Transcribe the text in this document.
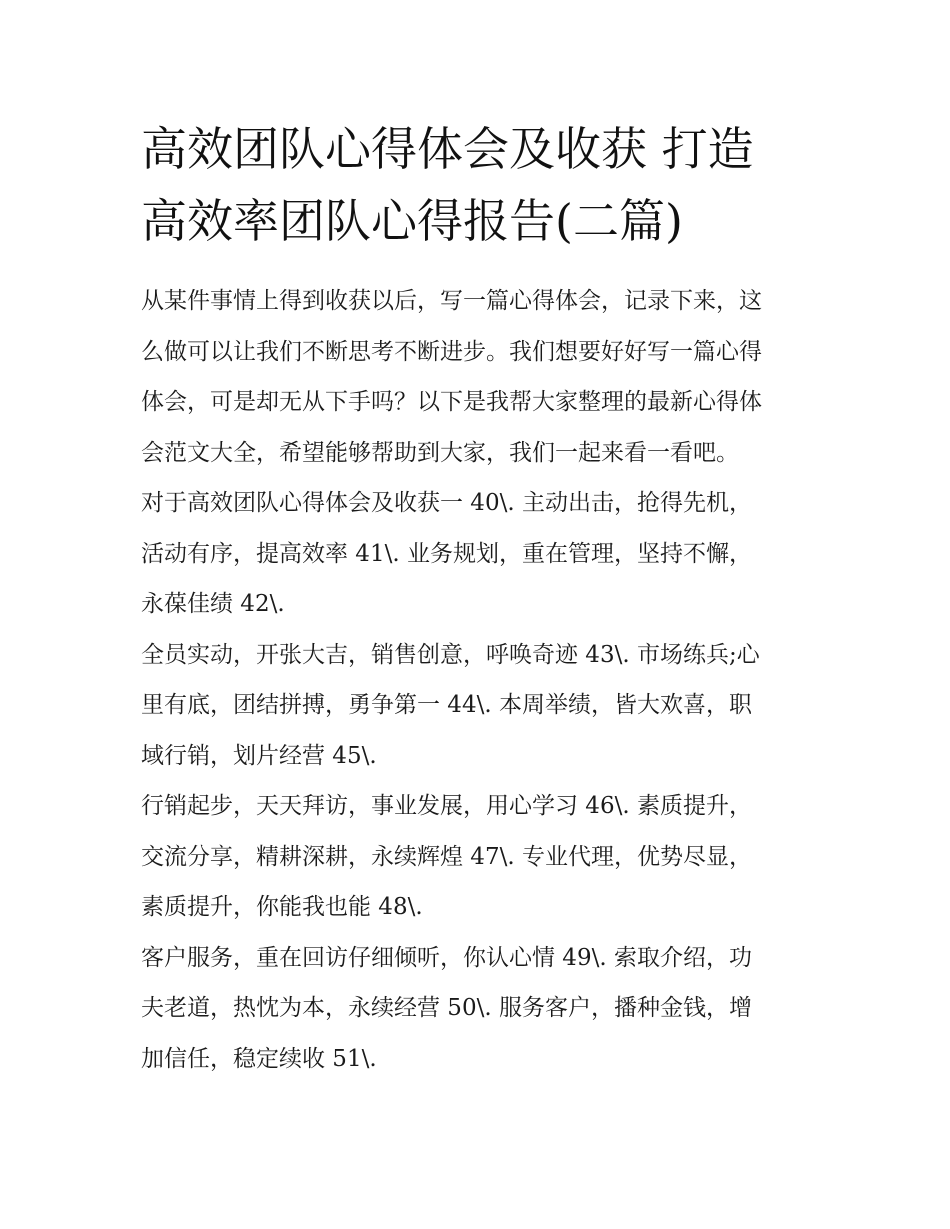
高效团队心得体会及收获 打造
高效率团队心得报告(二篇)
从某件事情上得到收获以后，写一篇心得体会，记录下来，这
么做可以让我们不断思考不断进步。我们想要好好写一篇心得
体会，可是却无从下手吗？以下是我帮大家整理的最新心得体
会范文大全，希望能够帮助到大家，我们一起来看一看吧。
对于高效团队心得体会及收获一 40\. 主动出击，抢得先机，
活动有序，提高效率 41\. 业务规划，重在管理，坚持不懈，
永葆佳绩 42\.
全员实动，开张大吉，销售创意，呼唤奇迹 43\. 市场练兵;心
里有底，团结拼搏，勇争第一 44\. 本周举绩，皆大欢喜，职
域行销，划片经营 45\.
行销起步，天天拜访，事业发展，用心学习 46\. 素质提升，
交流分享，精耕深耕，永续辉煌 47\. 专业代理，优势尽显，
素质提升，你能我也能 48\.
客户服务，重在回访仔细倾听，你认心情 49\. 索取介绍，功
夫老道，热忱为本，永续经营 50\. 服务客户，播种金钱，增
加信任，稳定续收 51\.
